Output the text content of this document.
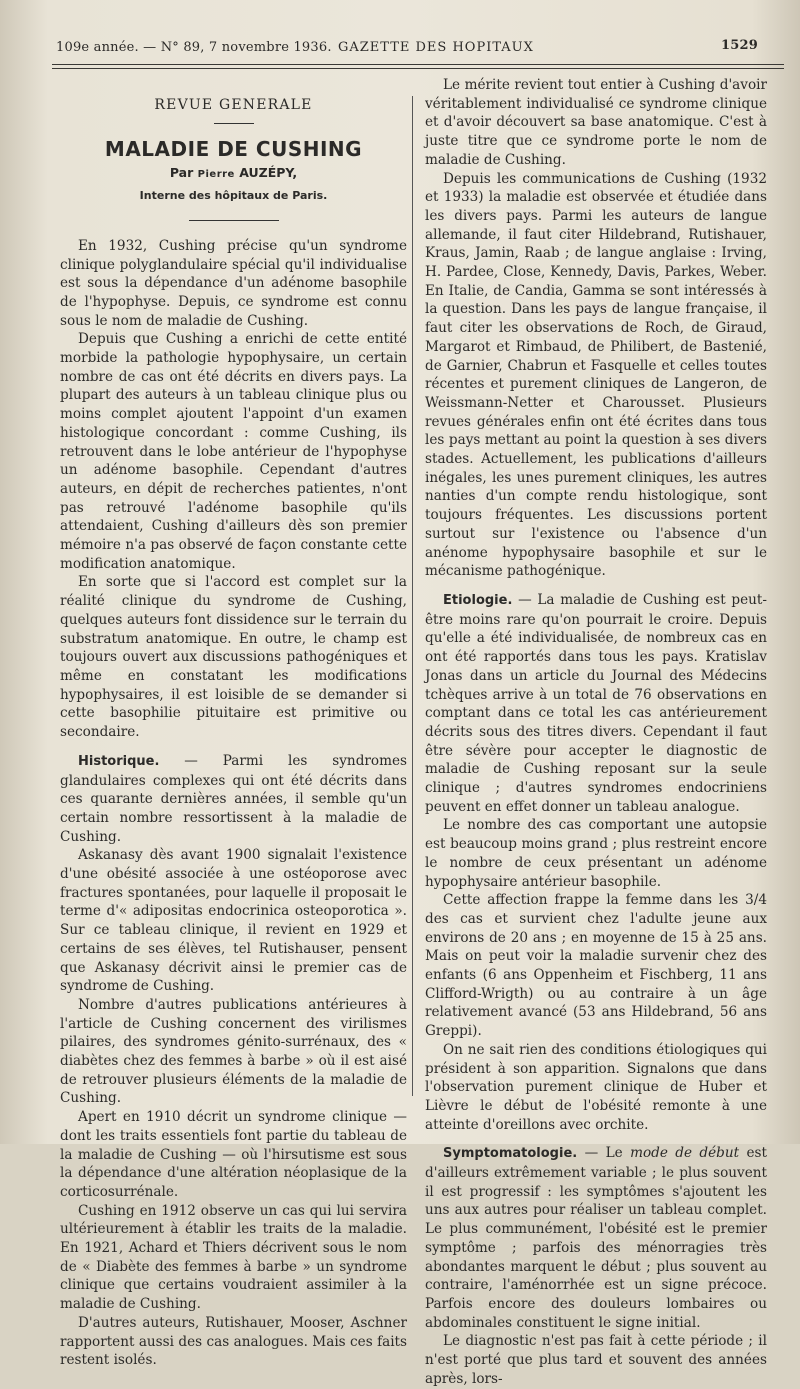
109e année. — N° 89, 7 novembre 1936. GAZETTE DES HOPITAUX	1529
REVUE GENERALE
MALADIE DE CUSHING
Par Pierre AUZÉPY,
Interne des hôpitaux de Paris.

En 1932, Cushing précise qu'un syndrome clinique polyglandulaire spécial qu'il individualise est sous la dépendance d'un adénome basophile de l'hypophyse. Depuis, ce syndrome est connu sous le nom de maladie de Cushing.

Depuis que Cushing a enrichi de cette entité morbide la pathologie hypophysaire, un certain nombre de cas ont été décrits en divers pays. La plupart des auteurs à un tableau clinique plus ou moins complet ajoutent l'appoint d'un examen histologique concordant : comme Cushing, ils retrouvent dans le lobe antérieur de l'hypophyse un adénome basophile. Cependant d'autres auteurs, en dépit de recherches patientes, n'ont pas retrouvé l'adénome basophile qu'ils attendaient, Cushing d'ailleurs dès son premier mémoire n'a pas observé de façon constante cette modification anatomique.

En sorte que si l'accord est complet sur la réalité clinique du syndrome de Cushing, quelques auteurs font dissidence sur le terrain du substratum anatomique. En outre, le champ est toujours ouvert aux discussions pathogéniques et même en constatant les modifications hypophysaires, il est loisible de se demander si cette basophilie pituitaire est primitive ou secondaire.

Historique. — Parmi les syndromes glandulaires complexes qui ont été décrits dans ces quarante dernières années, il semble qu'un certain nombre ressortissent à la maladie de Cushing.

Askanasy dès avant 1900 signalait l'existence d'une obésité associée à une ostéoporose avec fractures spontanées, pour laquelle il proposait le terme d'« adipositas endocrinica osteoporotica ». Sur ce tableau clinique, il revient en 1929 et certains de ses élèves, tel Rutishauser, pensent que Askanasy décrivit ainsi le premier cas de syndrome de Cushing.

Nombre d'autres publications antérieures à l'article de Cushing concernent des virilismes pilaires, des syndromes génito-surrénaux, des « diabètes chez des femmes à barbe » où il est aisé de retrouver plusieurs éléments de la maladie de Cushing.

Apert en 1910 décrit un syndrome clinique — dont les traits essentiels font partie du tableau de la maladie de Cushing — où l'hirsutisme est sous la dépendance d'une altération néoplasique de la corticosurrénale.

Cushing en 1912 observe un cas qui lui servira ultérieurement à établir les traits de la maladie. En 1921, Achard et Thiers décrivent sous le nom de « Diabète des femmes à barbe » un syndrome clinique que certains voudraient assimiler à la maladie de Cushing.

D'autres auteurs, Rutishauer, Mooser, Aschner rapportent aussi des cas analogues. Mais ces faits restent isolés.

Le mérite revient tout entier à Cushing d'avoir véritablement individualisé ce syndrome clinique et d'avoir découvert sa base anatomique. C'est à juste titre que ce syndrome porte le nom de maladie de Cushing.

Depuis les communications de Cushing (1932 et 1933) la maladie est observée et étudiée dans les divers pays. Parmi les auteurs de langue allemande, il faut citer Hildebrand, Rutishauer, Kraus, Jamin, Raab ; de langue anglaise : Irving, H. Pardee, Close, Kennedy, Davis, Parkes, Weber. En Italie, de Candia, Gamma se sont intéressés à la question. Dans les pays de langue française, il faut citer les observations de Roch, de Giraud, Margarot et Rimbaud, de Philibert, de Bastenié, de Garnier, Chabrun et Fasquelle et celles toutes récentes et purement cliniques de Langeron, de Weissmann-Netter et Charousset. Plusieurs revues générales enfin ont été écrites dans tous les pays mettant au point la question à ses divers stades. Actuellement, les publications d'ailleurs inégales, les unes purement cliniques, les autres nanties d'un compte rendu histologique, sont toujours fréquentes. Les discussions portent surtout sur l'existence ou l'absence d'un anénome hypophysaire basophile et sur le mécanisme pathogénique.

Etiologie. — La maladie de Cushing est peut-être moins rare qu'on pourrait le croire. Depuis qu'elle a été individualisée, de nombreux cas en ont été rapportés dans tous les pays. Kratislav Jonas dans un article du Journal des Médecins tchèques arrive à un total de 76 observations en comptant dans ce total les cas antérieurement décrits sous des titres divers. Cependant il faut être sévère pour accepter le diagnostic de maladie de Cushing reposant sur la seule clinique ; d'autres syndromes endocriniens peuvent en effet donner un tableau analogue.

Le nombre des cas comportant une autopsie est beaucoup moins grand ; plus restreint encore le nombre de ceux présentant un adénome hypophysaire antérieur basophile.

Cette affection frappe la femme dans les 3/4 des cas et survient chez l'adulte jeune aux environs de 20 ans ; en moyenne de 15 à 25 ans. Mais on peut voir la maladie survenir chez des enfants (6 ans Oppenheim et Fischberg, 11 ans Clifford-Wrigth) ou au contraire à un âge relativement avancé (53 ans Hildebrand, 56 ans Greppi).

On ne sait rien des conditions étiologiques qui président à son apparition. Signalons que dans l'observation purement clinique de Huber et Lièvre le début de l'obésité remonte à une atteinte d'oreillons avec orchite.

Symptomatologie. — Le mode de début est d'ailleurs extrêmement variable ; le plus souvent il est progressif : les symptômes s'ajoutent les uns aux autres pour réaliser un tableau complet. Le plus communément, l'obésité est le premier symptôme ; parfois des ménorragies très abondantes marquent le début ; plus souvent au contraire, l'aménorrhée est un signe précoce. Parfois encore des douleurs lombaires ou abdominales constituent le signe initial.

Le diagnostic n'est pas fait à cette période ; il n'est porté que plus tard et souvent des années après, lors-
